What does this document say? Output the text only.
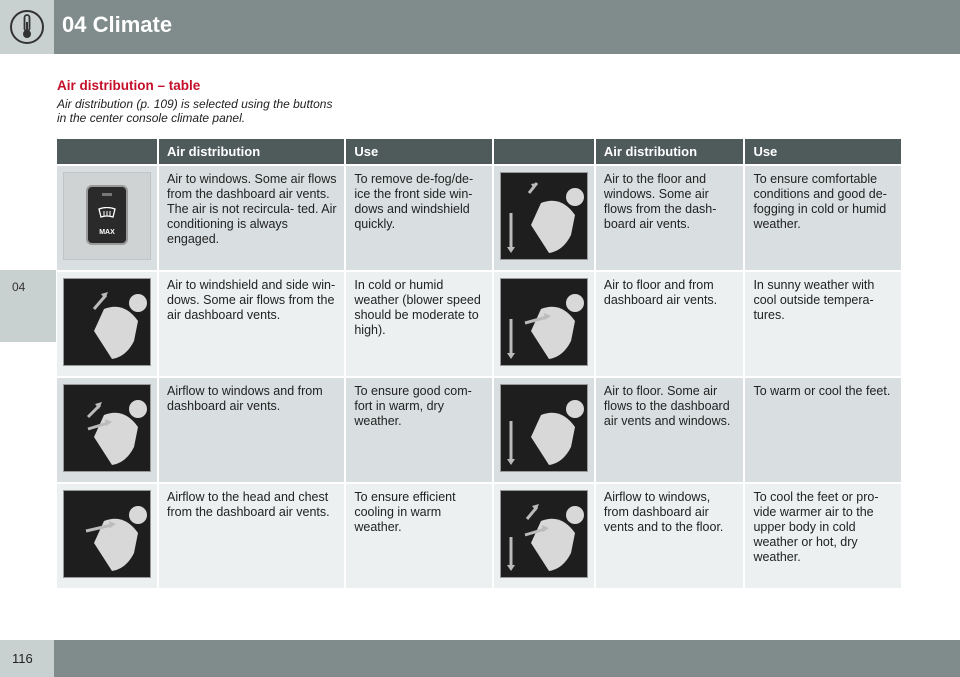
04 Climate
04
Air distribution – table
Air distribution (p. 109) is selected using the buttons in the center console climate panel.
	Air distribution	Use		Air distribution	Use

MAX	Air to windows. Some air flows from the dashboard air vents. The air is not recircula- ted. Air conditioning is always engaged.	To remove de-fog/de- ice the front side win- dows and windshield quickly.		Air to the floor and windows. Some air flows from the dash- board air vents.	To ensure comfortable conditions and good de- fogging in cold or humid weather.

	Air to windshield and side win- dows. Some air flows from the air dashboard vents.	In cold or humid weather (blower speed should be moderate to high).		Air to floor and from dashboard air vents.	In sunny weather with cool outside tempera- tures.

	Airflow to windows and from dashboard air vents.	To ensure good com- fort in warm, dry weather.		Air to floor. Some air flows to the dashboard air vents and windows.	To warm or cool the feet.

	Airflow to the head and chest from the dashboard air vents.	To ensure efficient cooling in warm weather.		Airflow to windows, from dashboard air vents and to the floor.	To cool the feet or pro- vide warmer air to the upper body in cold weather or hot, dry weather.
116
